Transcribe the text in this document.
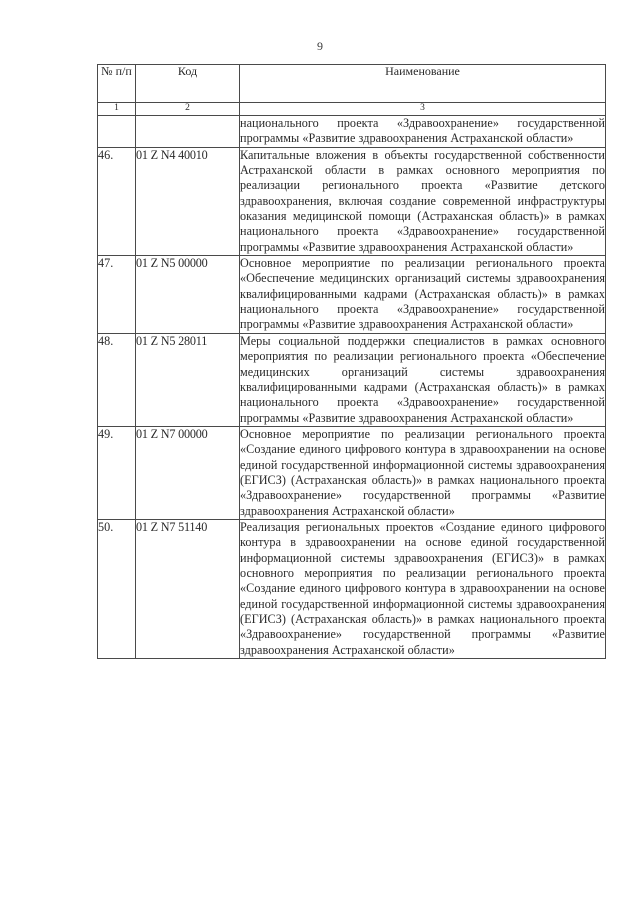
9
№ п/п	Код	Наименование
1	2	3
		национального проекта «Здравоохранение» государственной программы «Развитие здравоохранения Астраханской области»
46.	01 Z N4 40010	Капитальные вложения в объекты государственной собственности Астраханской области в рамках основного мероприятия по реализации регионального проекта «Развитие детского здравоохранения, включая создание современной инфраструктуры оказания медицинской помощи (Астраханская область)» в рамках национального проекта «Здравоохранение» государственной программы «Развитие здравоохранения Астраханской области»
47.	01 Z N5 00000	Основное мероприятие по реализации регионального проекта «Обеспечение медицинских организаций системы здравоохранения квалифицированными кадрами (Астраханская область)» в рамках национального проекта «Здравоохранение» государственной программы «Развитие здравоохранения Астраханской области»
48.	01 Z N5 28011	Меры социальной поддержки специалистов в рамках основного мероприятия по реализации регионального проекта «Обеспечение медицинских организаций системы здравоохранения квалифицированными кадрами (Астраханская область)» в рамках национального проекта «Здравоохранение» государственной программы «Развитие здравоохранения Астраханской области»
49.	01 Z N7 00000	Основное мероприятие по реализации регионального проекта «Создание единого цифрового контура в здравоохранении на основе единой государственной информационной системы здравоохранения (ЕГИСЗ) (Астраханская область)» в рамках национального проекта «Здравоохранение» государственной программы «Развитие здравоохранения Астраханской области»
50.	01 Z N7 51140	Реализация региональных проектов «Создание единого цифрового контура в здравоохранении на основе единой государственной информационной системы здравоохранения (ЕГИСЗ)» в рамках основного мероприятия по реализации регионального проекта «Создание единого цифрового контура в здравоохранении на основе единой государственной информационной системы здравоохранения (ЕГИСЗ) (Астраханская область)» в рамках национального проекта «Здравоохранение» государственной программы «Развитие здравоохранения Астраханской области»
